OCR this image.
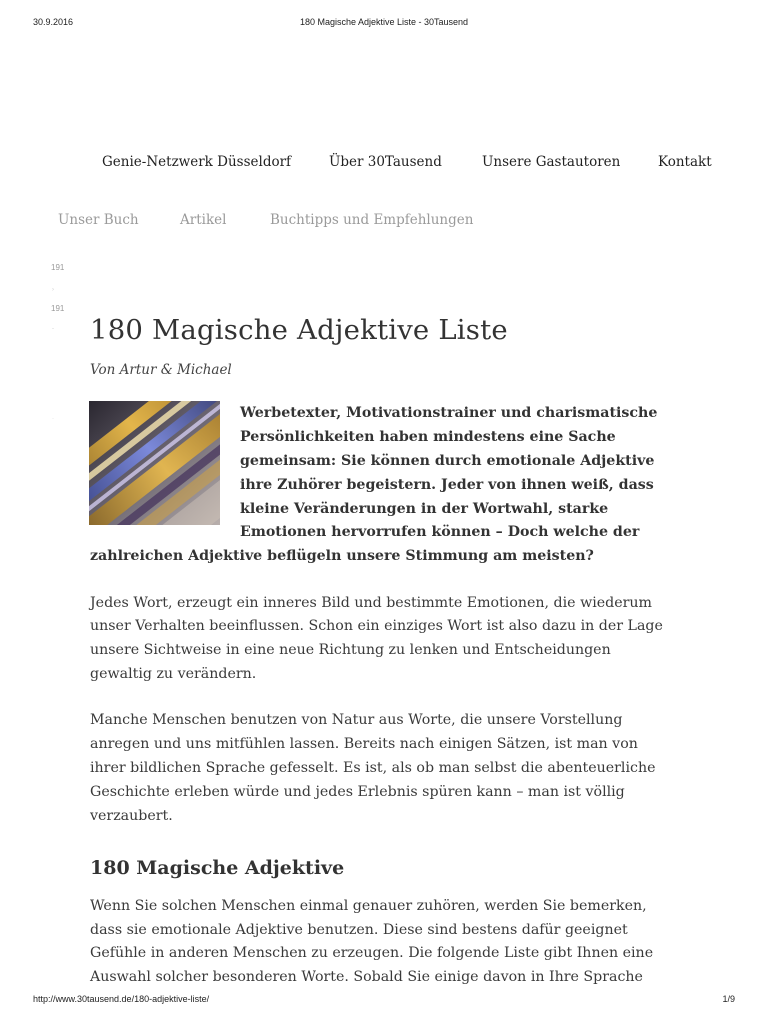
30.9.2016	180 Magische Adjektive Liste - 30Tausend
Genie-Netzwerk Düsseldorf	Über 30Tausend	Unsere Gastautoren	Kontakt
Unser Buch	Artikel	Buchtipps und Empfehlungen
191
›
191
-
·
180 Magische Adjektive Liste
Von Artur & Michael
Werbetexter, Motivationstrainer und charismatische
Persönlichkeiten haben mindestens eine Sache
gemeinsam: Sie können durch emotionale Adjektive
ihre Zuhörer begeistern. Jeder von ihnen weiß, dass
kleine Veränderungen in der Wortwahl, starke
Emotionen hervorrufen können – Doch welche der
zahlreichen Adjektive beflügeln unsere Stimmung am meisten?
Jedes Wort, erzeugt ein inneres Bild und bestimmte Emotionen, die wiederum
unser Verhalten beeinflussen. Schon ein einziges Wort ist also dazu in der Lage
unsere Sichtweise in eine neue Richtung zu lenken und Entscheidungen
gewaltig zu verändern.
Manche Menschen benutzen von Natur aus Worte, die unsere Vorstellung
anregen und uns mitfühlen lassen. Bereits nach einigen Sätzen, ist man von
ihrer bildlichen Sprache gefesselt. Es ist, als ob man selbst die abenteuerliche
Geschichte erleben würde und jedes Erlebnis spüren kann – man ist völlig
verzaubert.
180 Magische Adjektive
Wenn Sie solchen Menschen einmal genauer zuhören, werden Sie bemerken,
dass sie emotionale Adjektive benutzen. Diese sind bestens dafür geeignet
Gefühle in anderen Menschen zu erzeugen. Die folgende Liste gibt Ihnen eine
Auswahl solcher besonderen Worte. Sobald Sie einige davon in Ihre Sprache
http://www.30tausend.de/180-adjektive-liste/	1/9
